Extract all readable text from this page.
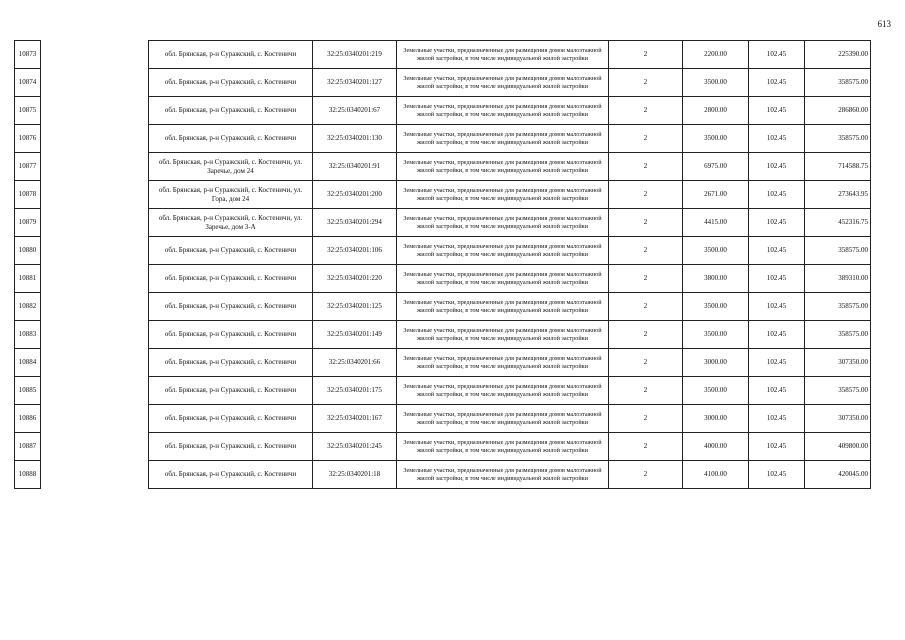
613
10873		обл. Брянская, р-н Суражский, с. Костеничи	32:25:0340201:219	Земельные участки, предназначенные для размещения домов малоэтажной жилой застройки, в том числе индивидуальной жилой застройки	2	2200.00	102.45	225390.00
10874		обл. Брянская, р-н Суражский, с. Костеничи	32:25:0340201:127	Земельные участки, предназначенные для размещения домов малоэтажной жилой застройки, в том числе индивидуальной жилой застройки	2	3500.00	102.45	358575.00
10875		обл. Брянская, р-н Суражский, с. Костеничи	32:25:0340201:67	Земельные участки, предназначенные для размещения домов малоэтажной жилой застройки, в том числе индивидуальной жилой застройки	2	2800.00	102.45	286860.00
10876		обл. Брянская, р-н Суражский, с. Костеничи	32:25:0340201:130	Земельные участки, предназначенные для размещения домов малоэтажной жилой застройки, в том числе индивидуальной жилой застройки	2	3500.00	102.45	358575.00
10877		обл. Брянская, р-н Суражский, с. Костеничи, ул. Заречье, дом 24	32:25:0340201:91	Земельные участки, предназначенные для размещения домов малоэтажной жилой застройки, в том числе индивидуальной жилой застройки	2	6975.00	102.45	714588.75
10878		обл. Брянская, р-н Суражский, с. Костеничи, ул. Гора, дом 24	32:25:0340201:200	Земельные участки, предназначенные для размещения домов малоэтажной жилой застройки, в том числе индивидуальной жилой застройки	2	2671.00	102.45	273643.95
10879		обл. Брянская, р-н Суражский, с. Костеничи, ул. Заречье, дом 3-А	32:25:0340201:294	Земельные участки, предназначенные для размещения домов малоэтажной жилой застройки, в том числе индивидуальной жилой застройки	2	4415.00	102.45	452316.75
10880		обл. Брянская, р-н Суражский, с. Костеничи	32:25:0340201:106	Земельные участки, предназначенные для размещения домов малоэтажной жилой застройки, в том числе индивидуальной жилой застройки	2	3500.00	102.45	358575.00
10881		обл. Брянская, р-н Суражский, с. Костеничи	32:25:0340201:220	Земельные участки, предназначенные для размещения домов малоэтажной жилой застройки, в том числе индивидуальной жилой застройки	2	3800.00	102.45	389310.00
10882		обл. Брянская, р-н Суражский, с. Костеничи	32:25:0340201:125	Земельные участки, предназначенные для размещения домов малоэтажной жилой застройки, в том числе индивидуальной жилой застройки	2	3500.00	102.45	358575.00
10883		обл. Брянская, р-н Суражский, с. Костеничи	32:25:0340201:149	Земельные участки, предназначенные для размещения домов малоэтажной жилой застройки, в том числе индивидуальной жилой застройки	2	3500.00	102.45	358575.00
10884		обл. Брянская, р-н Суражский, с. Костеничи	32:25:0340201:66	Земельные участки, предназначенные для размещения домов малоэтажной жилой застройки, в том числе индивидуальной жилой застройки	2	3000.00	102.45	307350.00
10885		обл. Брянская, р-н Суражский, с. Костеничи	32:25:0340201:175	Земельные участки, предназначенные для размещения домов малоэтажной жилой застройки, в том числе индивидуальной жилой застройки	2	3500.00	102.45	358575.00
10886		обл. Брянская, р-н Суражский, с. Костеничи	32:25:0340201:167	Земельные участки, предназначенные для размещения домов малоэтажной жилой застройки, в том числе индивидуальной жилой застройки	2	3000.00	102.45	307350.00
10887		обл. Брянская, р-н Суражский, с. Костеничи	32:25:0340201:245	Земельные участки, предназначенные для размещения домов малоэтажной жилой застройки, в том числе индивидуальной жилой застройки	2	4000.00	102.45	409800.00
10888		обл. Брянская, р-н Суражский, с. Костеничи	32:25:0340201:18	Земельные участки, предназначенные для размещения домов малоэтажной жилой застройки, в том числе индивидуальной жилой застройки	2	4100.00	102.45	420045.00
